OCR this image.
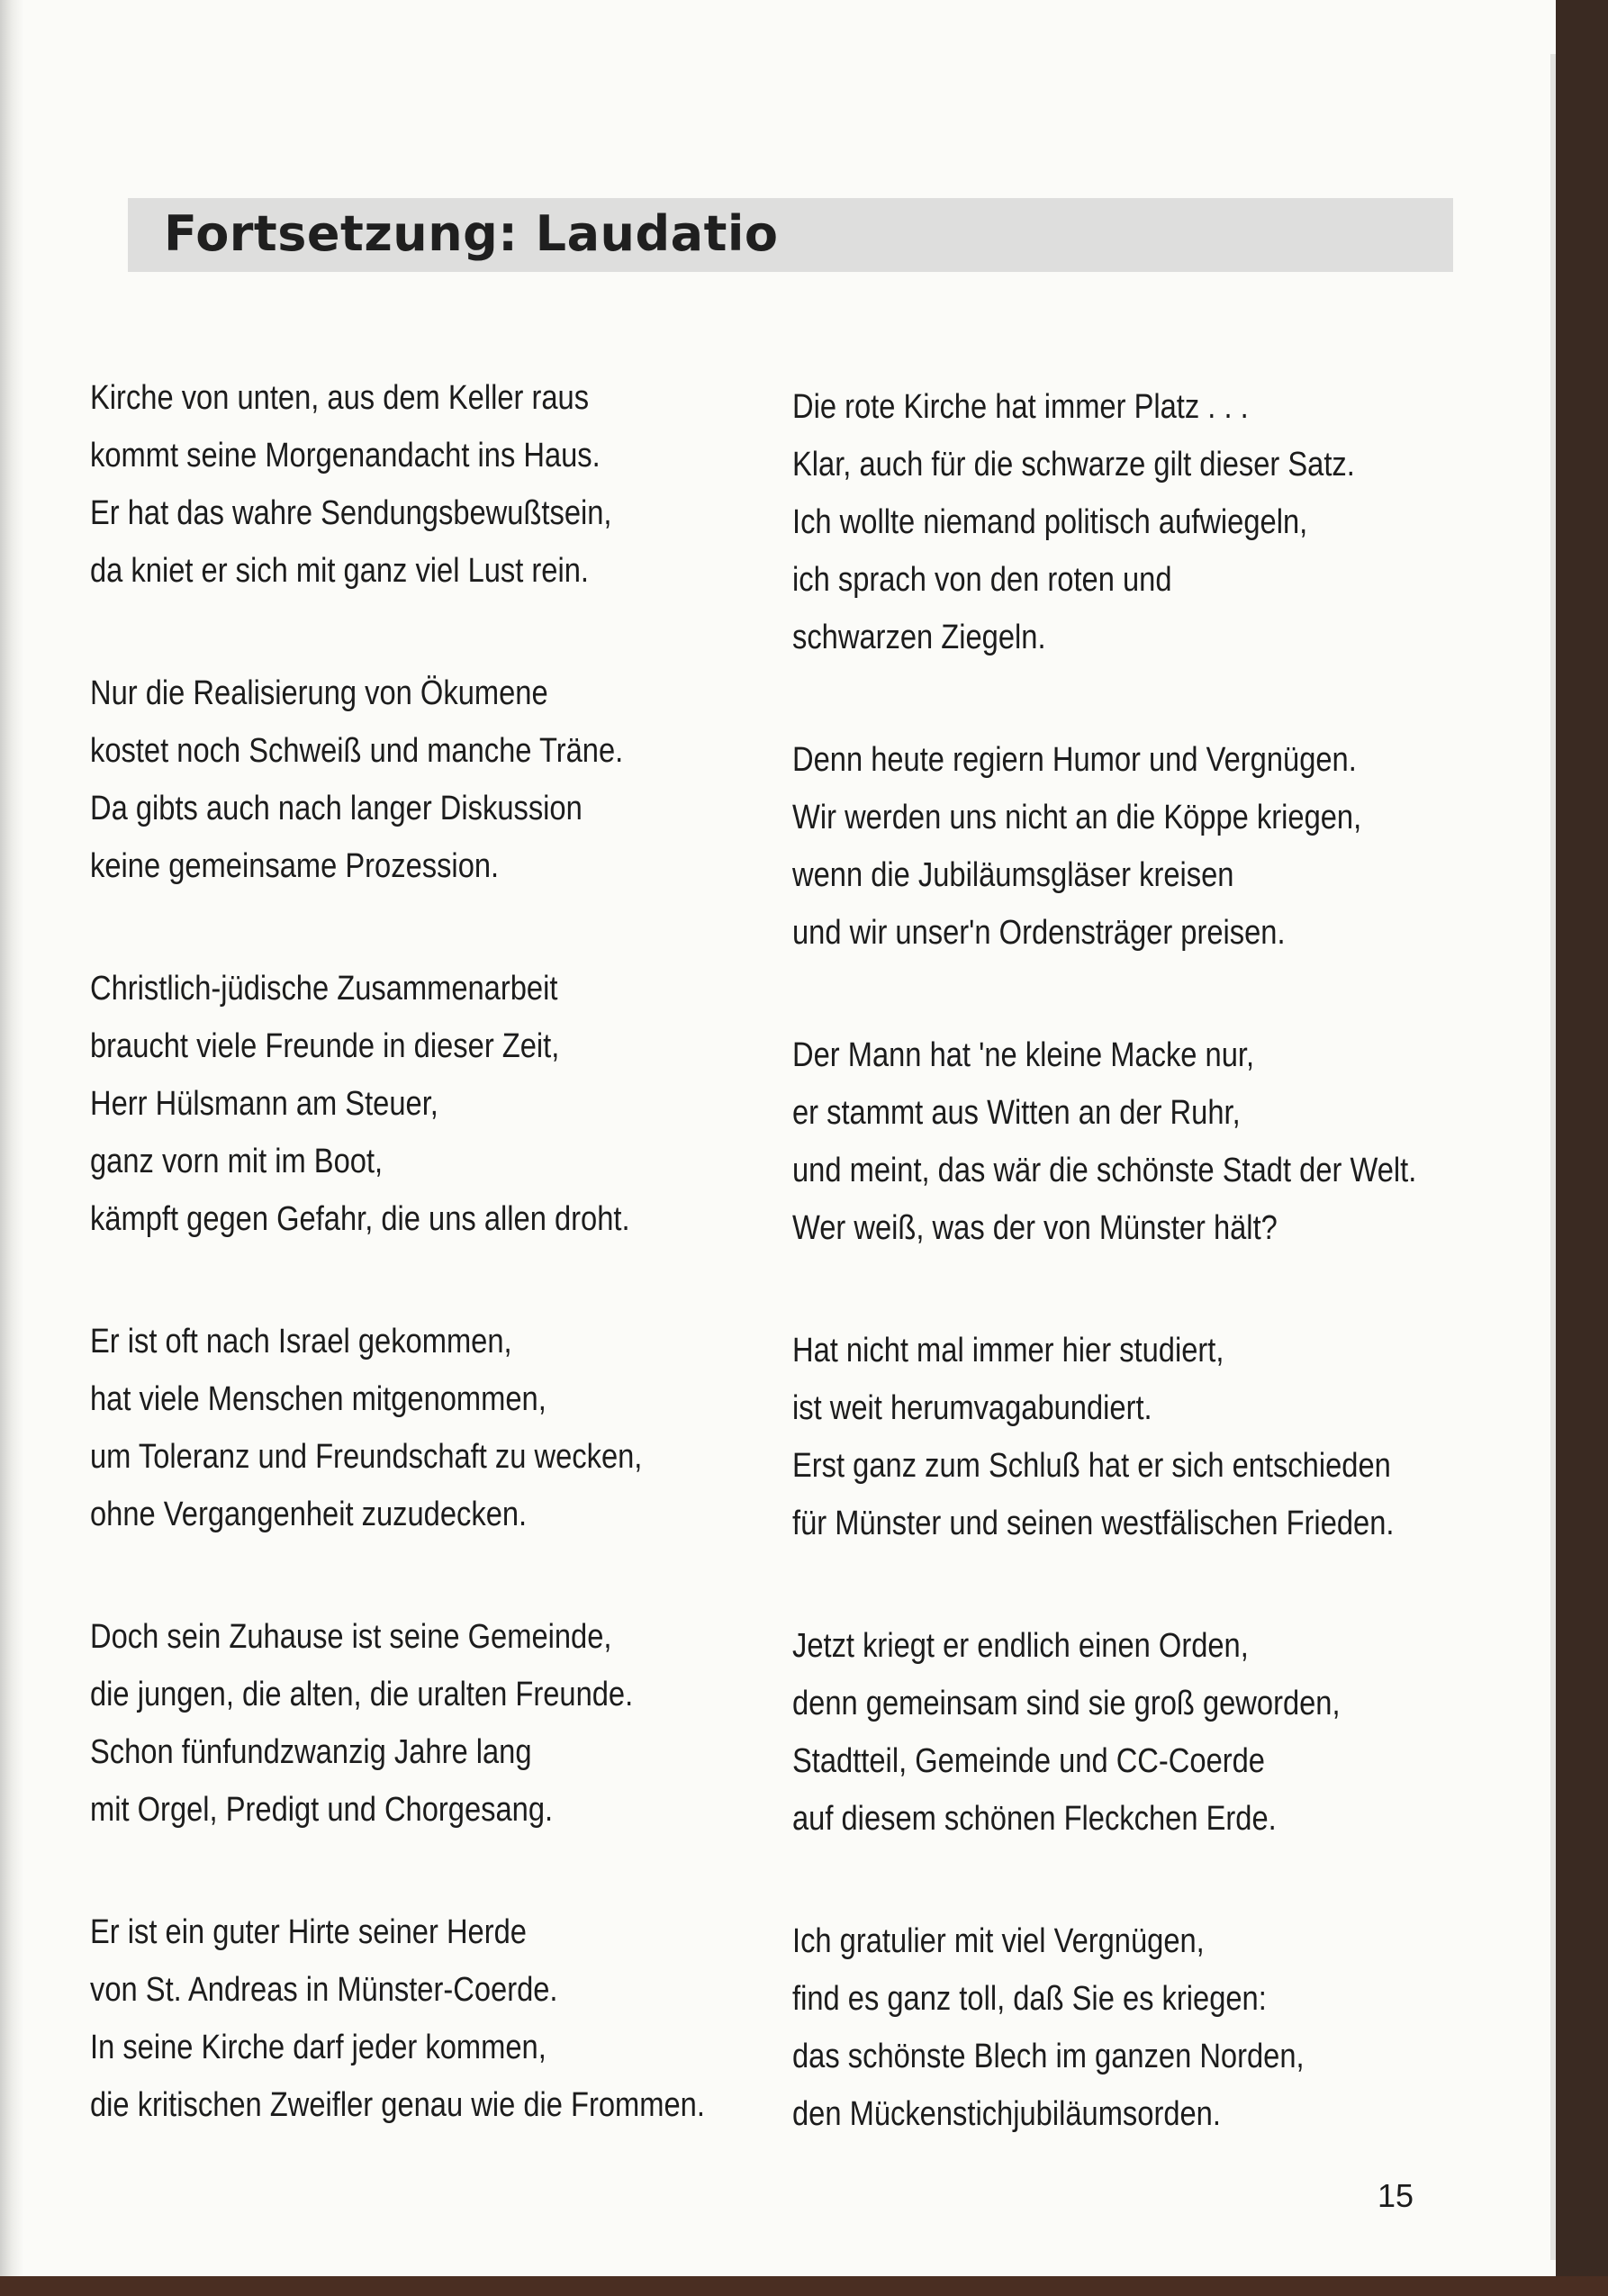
Fortsetzung: Laudatio
Kirche von unten, aus dem Keller raus
kommt seine Morgenandacht ins Haus.
Er hat das wahre Sendungsbewußtsein,
da kniet er sich mit ganz viel Lust rein.
Nur die Realisierung von Ökumene
kostet noch Schweiß und manche Träne.
Da gibts auch nach langer Diskussion
keine gemeinsame Prozession.
Christlich-jüdische Zusammenarbeit
braucht viele Freunde in dieser Zeit,
Herr Hülsmann am Steuer,
ganz vorn mit im Boot,
kämpft gegen Gefahr, die uns allen droht.
Er ist oft nach Israel gekommen,
hat viele Menschen mitgenommen,
um Toleranz und Freundschaft zu wecken,
ohne Vergangenheit zuzudecken.
Doch sein Zuhause ist seine Gemeinde,
die jungen, die alten, die uralten Freunde.
Schon fünfundzwanzig Jahre lang
mit Orgel, Predigt und Chorgesang.
Er ist ein guter Hirte seiner Herde
von St. Andreas in Münster-Coerde.
In seine Kirche darf jeder kommen,
die kritischen Zweifler genau wie die Frommen.
Die rote Kirche hat immer Platz . . .
Klar, auch für die schwarze gilt dieser Satz.
Ich wollte niemand politisch aufwiegeln,
ich sprach von den roten und
schwarzen Ziegeln.
Denn heute regiern Humor und Vergnügen.
Wir werden uns nicht an die Köppe kriegen,
wenn die Jubiläumsgläser kreisen
und wir unser'n Ordensträger preisen.
Der Mann hat 'ne kleine Macke nur,
er stammt aus Witten an der Ruhr,
und meint, das wär die schönste Stadt der Welt.
Wer weiß, was der von Münster hält?
Hat nicht mal immer hier studiert,
ist weit herumvagabundiert.
Erst ganz zum Schluß hat er sich entschieden
für Münster und seinen westfälischen Frieden.
Jetzt kriegt er endlich einen Orden,
denn gemeinsam sind sie groß geworden,
Stadtteil, Gemeinde und CC-Coerde
auf diesem schönen Fleckchen Erde.
Ich gratulier mit viel Vergnügen,
find es ganz toll, daß Sie es kriegen:
das schönste Blech im ganzen Norden,
den Mückenstichjubiläumsorden.
15
